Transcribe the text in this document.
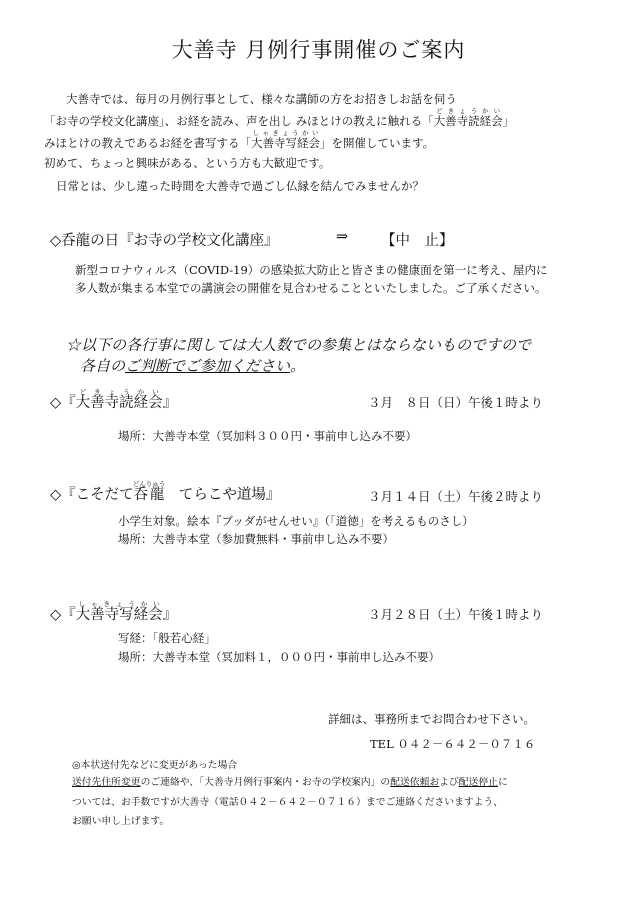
大善寺 月例行事開催のご案内
大善寺では、毎月の月例行事として、様々な講師の方をお招きしお話を伺う
「お寺の学校文化講座」、お経を読み、声を出し みほとけの教えに触れる「大善寺読経会どきょうかい」
みほとけの教えであるお経を書写する「大善寺写経会しゃきょうかい」を開催しています。
初めて、ちょっと興味がある、という方も大歓迎です。
日常とは、少し違った時間を大善寺で過ごし仏縁を結んでみませんか？
◇呑龍の日『お寺の学校文化講座』	⇒ 【中　止】
新型コロナウィルス（COVID-19）の感染拡大防止と皆さまの健康面を第一に考え、屋内に
多人数が集まる本堂での講演会の開催を見合わせることといたしました。ご了承ください。
☆以下の各行事に関しては大人数での参集とはならないものですので
各自のご判断でご参加ください。
◇『大善寺読経会どきょうかい』	３月　８日（日）午後１時より
場所：大善寺本堂（冥加料３００円・事前申し込み不要）
◇『こそだて呑龍どんりゅう　てらこや道場』	３月１４日（土）午後２時より
小学生対象。絵本『ブッダがせんせい』（「道徳」を考えるものさし）
場所：大善寺本堂（参加費無料・事前申し込み不要）
◇『大善寺写経会しゃきょうかい』	３月２８日（土）午後１時より
写経：「般若心経」
場所：大善寺本堂（冥加料１，０００円・事前申し込み不要）
詳細は、事務所までお問合わせ下さい。
TEL ０４２－６４２－０７１６
◎本状送付先などに変更があった場合
送付先住所変更のご連絡や、「大善寺月例行事案内・お寺の学校案内」の配送依頼および配送停止に
ついては、お手数ですが大善寺（電話０４２－６４２－０７１６）までご連絡くださいますよう、
お願い申し上げます。
